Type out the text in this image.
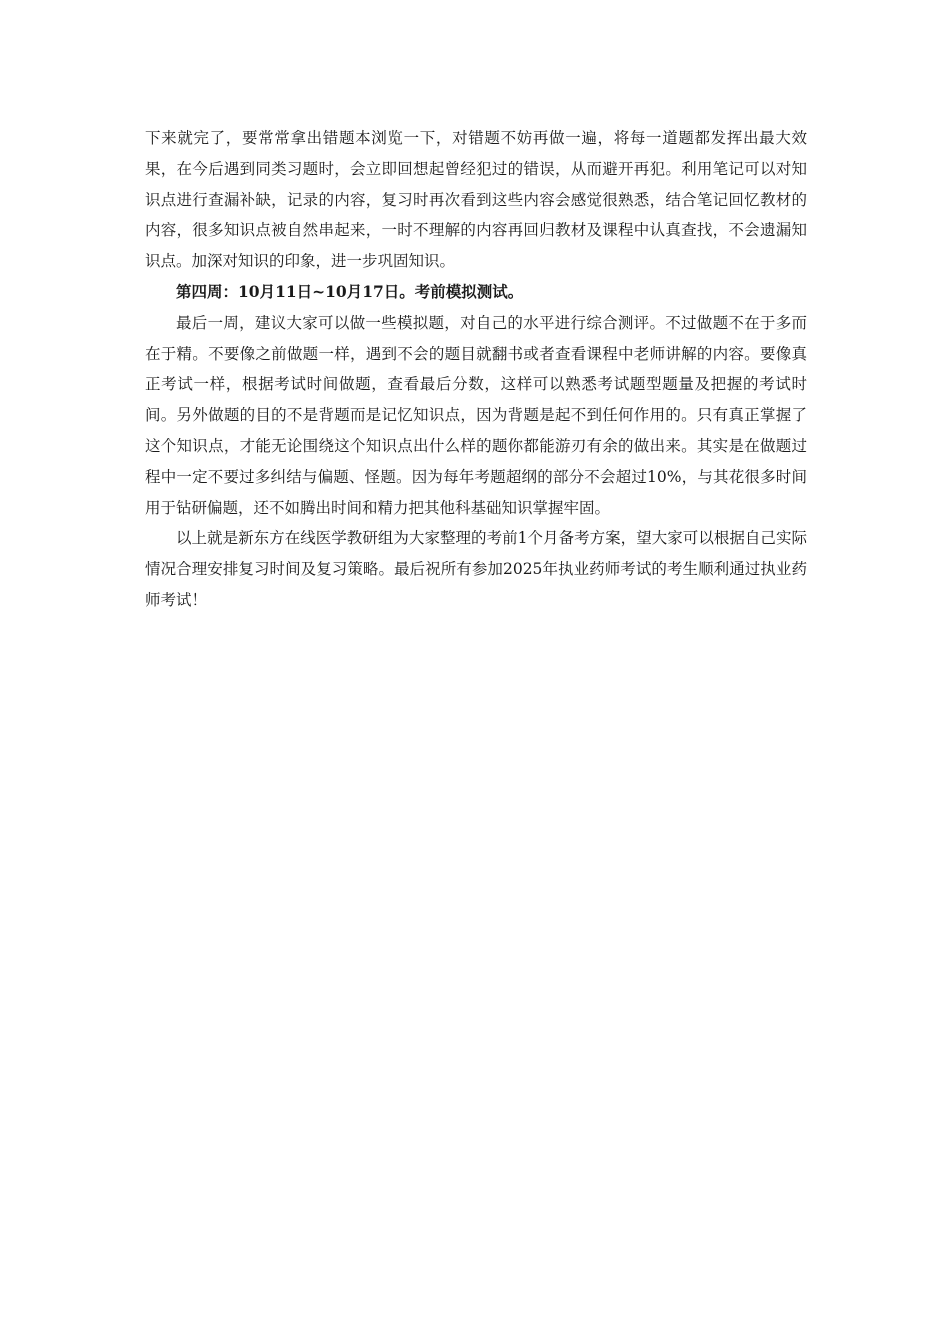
下来就完了，要常常拿出错题本浏览一下，对错题不妨再做一遍，将每一道题都发挥出最大效果，在今后遇到同类习题时，会立即回想起曾经犯过的错误，从而避开再犯。利用笔记可以对知识点进行查漏补缺，记录的内容，复习时再次看到这些内容会感觉很熟悉，结合笔记回忆教材的内容，很多知识点被自然串起来，一时不理解的内容再回归教材及课程中认真查找，不会遗漏知识点。加深对知识的印象，进一步巩固知识。

第四周：10月11日~10月17日。考前模拟测试。

最后一周，建议大家可以做一些模拟题，对自己的水平进行综合测评。不过做题不在于多而在于精。不要像之前做题一样，遇到不会的题目就翻书或者查看课程中老师讲解的内容。要像真正考试一样，根据考试时间做题，查看最后分数，这样可以熟悉考试题型题量及把握的考试时间。另外做题的目的不是背题而是记忆知识点，因为背题是起不到任何作用的。只有真正掌握了这个知识点，才能无论围绕这个知识点出什么样的题你都能游刃有余的做出来。其实是在做题过程中一定不要过多纠结与偏题、怪题。因为每年考题超纲的部分不会超过10%，与其花很多时间用于钻研偏题，还不如腾出时间和精力把其他科基础知识掌握牢固。

以上就是新东方在线医学教研组为大家整理的考前1个月备考方案，望大家可以根据自己实际情况合理安排复习时间及复习策略。最后祝所有参加2025年执业药师考试的考生顺利通过执业药师考试！
